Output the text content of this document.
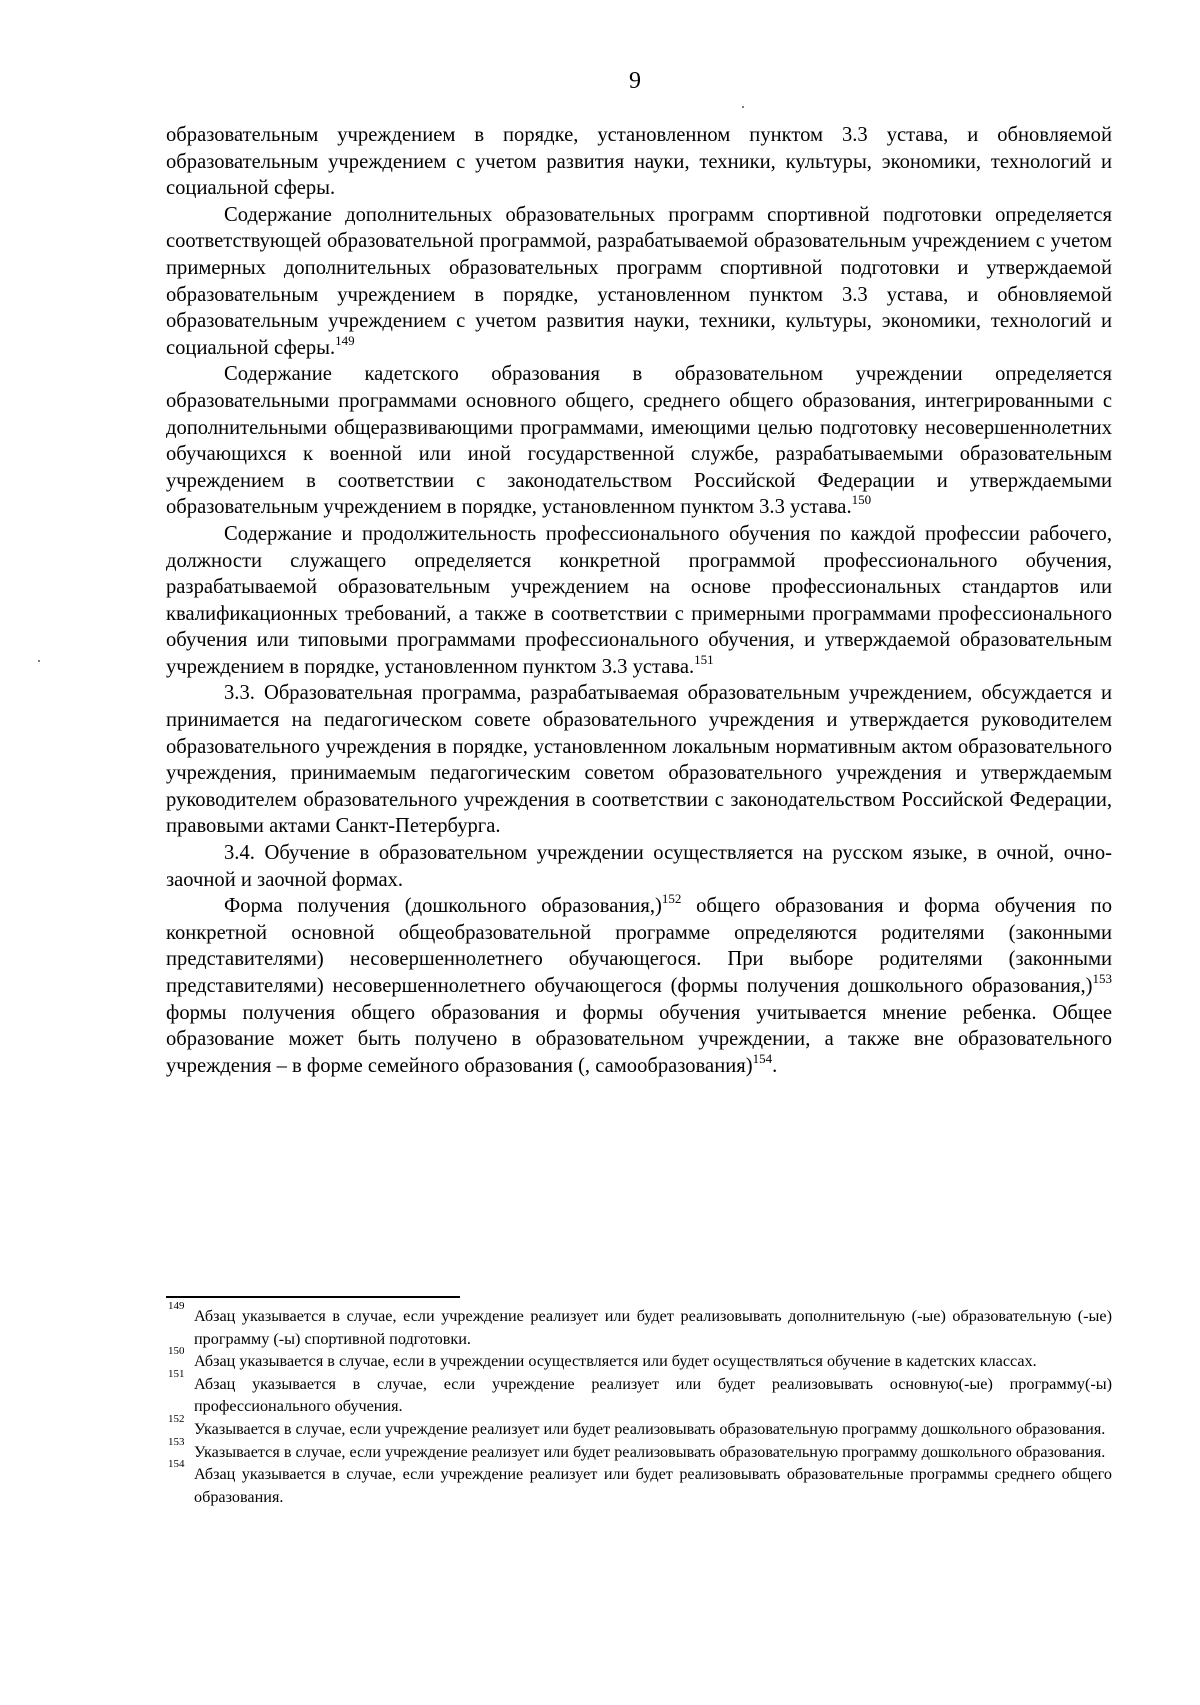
9

образовательным учреждением в порядке, установленном пунктом 3.3 устава, и обновляемой образовательным учреждением с учетом развития науки, техники, культуры, экономики, технологий и социальной сферы.

Содержание дополнительных образовательных программ спортивной подготовки определяется соответствующей образовательной программой, разрабатываемой образовательным учреждением с учетом примерных дополнительных образовательных программ спортивной подготовки и утверждаемой образовательным учреждением в порядке, установленном пунктом 3.3 устава, и обновляемой образовательным учреждением с учетом развития науки, техники, культуры, экономики, технологий и социальной сферы.$^{149}$

Содержание кадетского образования в образовательном учреждении определяется образовательными программами основного общего, среднего общего образования, интегрированными с дополнительными общеразвивающими программами, имеющими целью подготовку несовершеннолетних обучающихся к военной или иной государственной службе, разрабатываемыми образовательным учреждением в соответствии с законодательством Российской Федерации и утверждаемыми образовательным учреждением в порядке, установленном пунктом 3.3 устава.$^{150}$

Содержание и продолжительность профессионального обучения по каждой профессии рабочего, должности служащего определяется конкретной программой профессионального обучения, разрабатываемой образовательным учреждением на основе профессиональных стандартов или квалификационных требований, а также в соответствии с примерными программами профессионального обучения или типовыми программами профессионального обучения, и утверждаемой образовательным учреждением в порядке, установленном пунктом 3.3 устава.$^{151}$

3.3. Образовательная программа, разрабатываемая образовательным учреждением, обсуждается и принимается на педагогическом совете образовательного учреждения и утверждается руководителем образовательного учреждения в порядке, установленном локальным нормативным актом образовательного учреждения, принимаемым педагогическим советом образовательного учреждения и утверждаемым руководителем образовательного учреждения в соответствии с законодательством Российской Федерации, правовыми актами Санкт-Петербурга.

3.4. Обучение в образовательном учреждении осуществляется на русском языке, в очной, очно-заочной и заочной формах.

Форма получения (дошкольного образования,)$^{152}$ общего образования и форма обучения по конкретной основной общеобразовательной программе определяются родителями (законными представителями) несовершеннолетнего обучающегося. При выборе родителями (законными представителями) несовершеннолетнего обучающегося (формы получения дошкольного образования,)$^{153}$ формы получения общего образования и формы обучения учитывается мнение ребенка. Общее образование может быть получено в образовательном учреждении, а также вне образовательного учреждения – в форме семейного образования (, самообразования)$^{154}$.

149
Абзац указывается в случае, если учреждение реализует или будет реализовывать дополнительную (-ые) образовательную (-ые) программу (-ы) спортивной подготовки.

150
Абзац указывается в случае, если в учреждении осуществляется или будет осуществляться обучение в кадетских классах.

151
Абзац указывается в случае, если учреждение реализует или будет реализовывать основную(-ые) программу(-ы) профессионального обучения.

152
Указывается в случае, если учреждение реализует или будет реализовывать образовательную программу дошкольного образования.

153
Указывается в случае, если учреждение реализует или будет реализовывать образовательную программу дошкольного образования.

154
Абзац указывается в случае, если учреждение реализует или будет реализовывать образовательные программы среднего общего образования.
